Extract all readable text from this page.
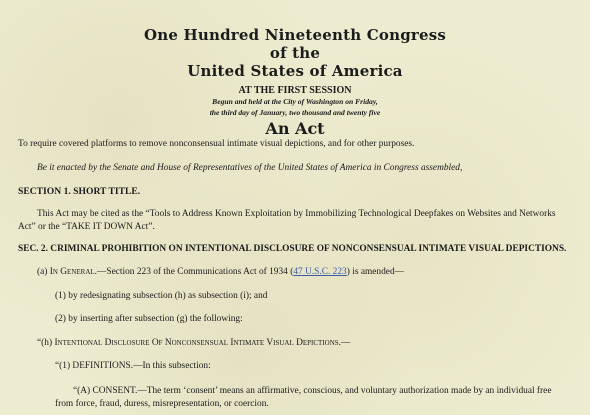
One Hundred Nineteenth Congress
of the
United States of America
AT THE FIRST SESSION
Begun and held at the City of Washington on Friday,
the third day of January, two thousand and twenty five
An Act
To require covered platforms to remove nonconsensual intimate visual depictions, and for other purposes.
Be it enacted by the Senate and House of Representatives of the United States of America in Congress assembled,
SECTION 1. SHORT TITLE.
This Act may be cited as the “Tools to Address Known Exploitation by Immobilizing Technological Deepfakes on Websites and Networks Act” or the “TAKE IT DOWN Act”.
SEC. 2. CRIMINAL PROHIBITION ON INTENTIONAL DISCLOSURE OF NONCONSENSUAL INTIMATE VISUAL DEPICTIONS.
(a) In General.—Section 223 of the Communications Act of 1934 (47 U.S.C. 223) is amended—
(1) by redesignating subsection (h) as subsection (i); and
(2) by inserting after subsection (g) the following:
“(h) Intentional Disclosure Of Nonconsensual Intimate Visual Depictions.—
“(1) DEFINITIONS.—In this subsection:
“(A) CONSENT.—The term ‘consent’ means an affirmative, conscious, and voluntary authorization made by an individual free from force, fraud, duress, misrepresentation, or coercion.
